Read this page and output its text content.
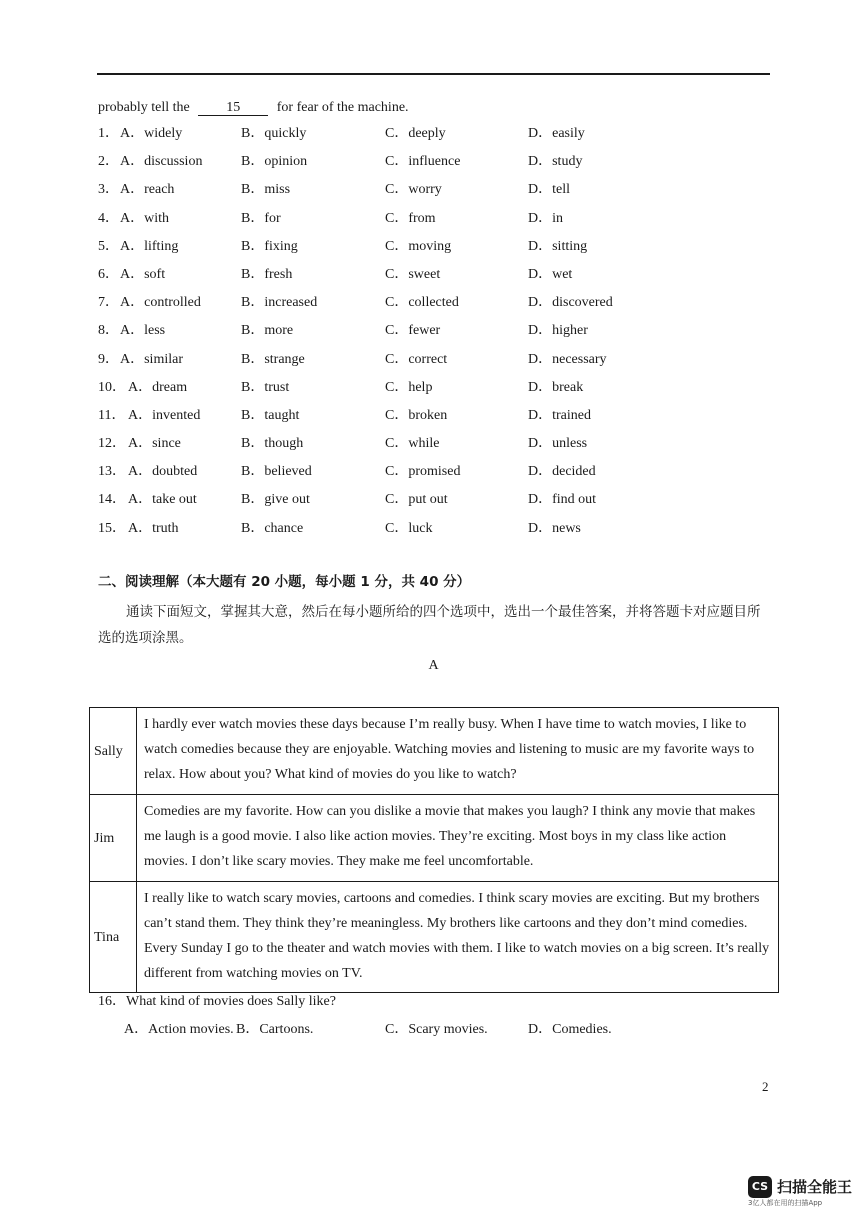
probably tell the	15	for fear of the machine.
1． A．widely	B．quickly	C．deeply	D．easily
2． A．discussion	B．opinion	C．influence	D．study
3． A．reach	B．miss	C．worry	D．tell
4． A．with	B．for	C．from	D．in
5． A．lifting	B．fixing	C．moving	D．sitting
6． A．soft	B．fresh	C．sweet	D．wet
7． A．controlled	B．increased	C．collected	D．discovered
8． A．less	B．more	C．fewer	D．higher
9． A．similar	B．strange	C．correct	D．necessary
10． A．dream	B．trust	C．help	D．break
11． A．invented	B．taught	C．broken	D．trained
12． A．since	B．though	C．while	D．unless
13． A．doubted	B．believed	C．promised	D．decided
14． A．take out	B．give out	C．put out	D．find out
15． A．truth	B．chance	C．luck	D．news
二、阅读理解（本大题有 20 小题，每小题 1 分，共 40 分）
通读下面短文，掌握其大意，然后在每小题所给的四个选项中，选出一个最佳答案，并将答题卡对应题目所选的选项涂黑。
A
Sally	I hardly ever watch movies these days because I’m really busy. When I have time to watch movies, I like to watch comedies because they are enjoyable. Watching movies and listening to music are my favorite ways to relax. How about you? What kind of movies do you like to watch?
Jim	Comedies are my favorite. How can you dislike a movie that makes you laugh? I think any movie that makes me laugh is a good movie. I also like action movies. They’re exciting. Most boys in my class like action movies. I don’t like scary movies. They make me feel uncomfortable.
Tina	I really like to watch scary movies, cartoons and comedies. I think scary movies are exciting. But my brothers can’t stand them. They think they’re meaningless. My brothers like cartoons and they don’t mind comedies. Every Sunday I go to the theater and watch movies with them. I like to watch movies on a big screen. It’s really different from watching movies on TV.
16．What kind of movies does Sally like?
A．Action movies. B．Cartoons.	C．Scary movies.	D．Comedies.
2
CS 扫描全能王
3亿人都在用的扫描App
